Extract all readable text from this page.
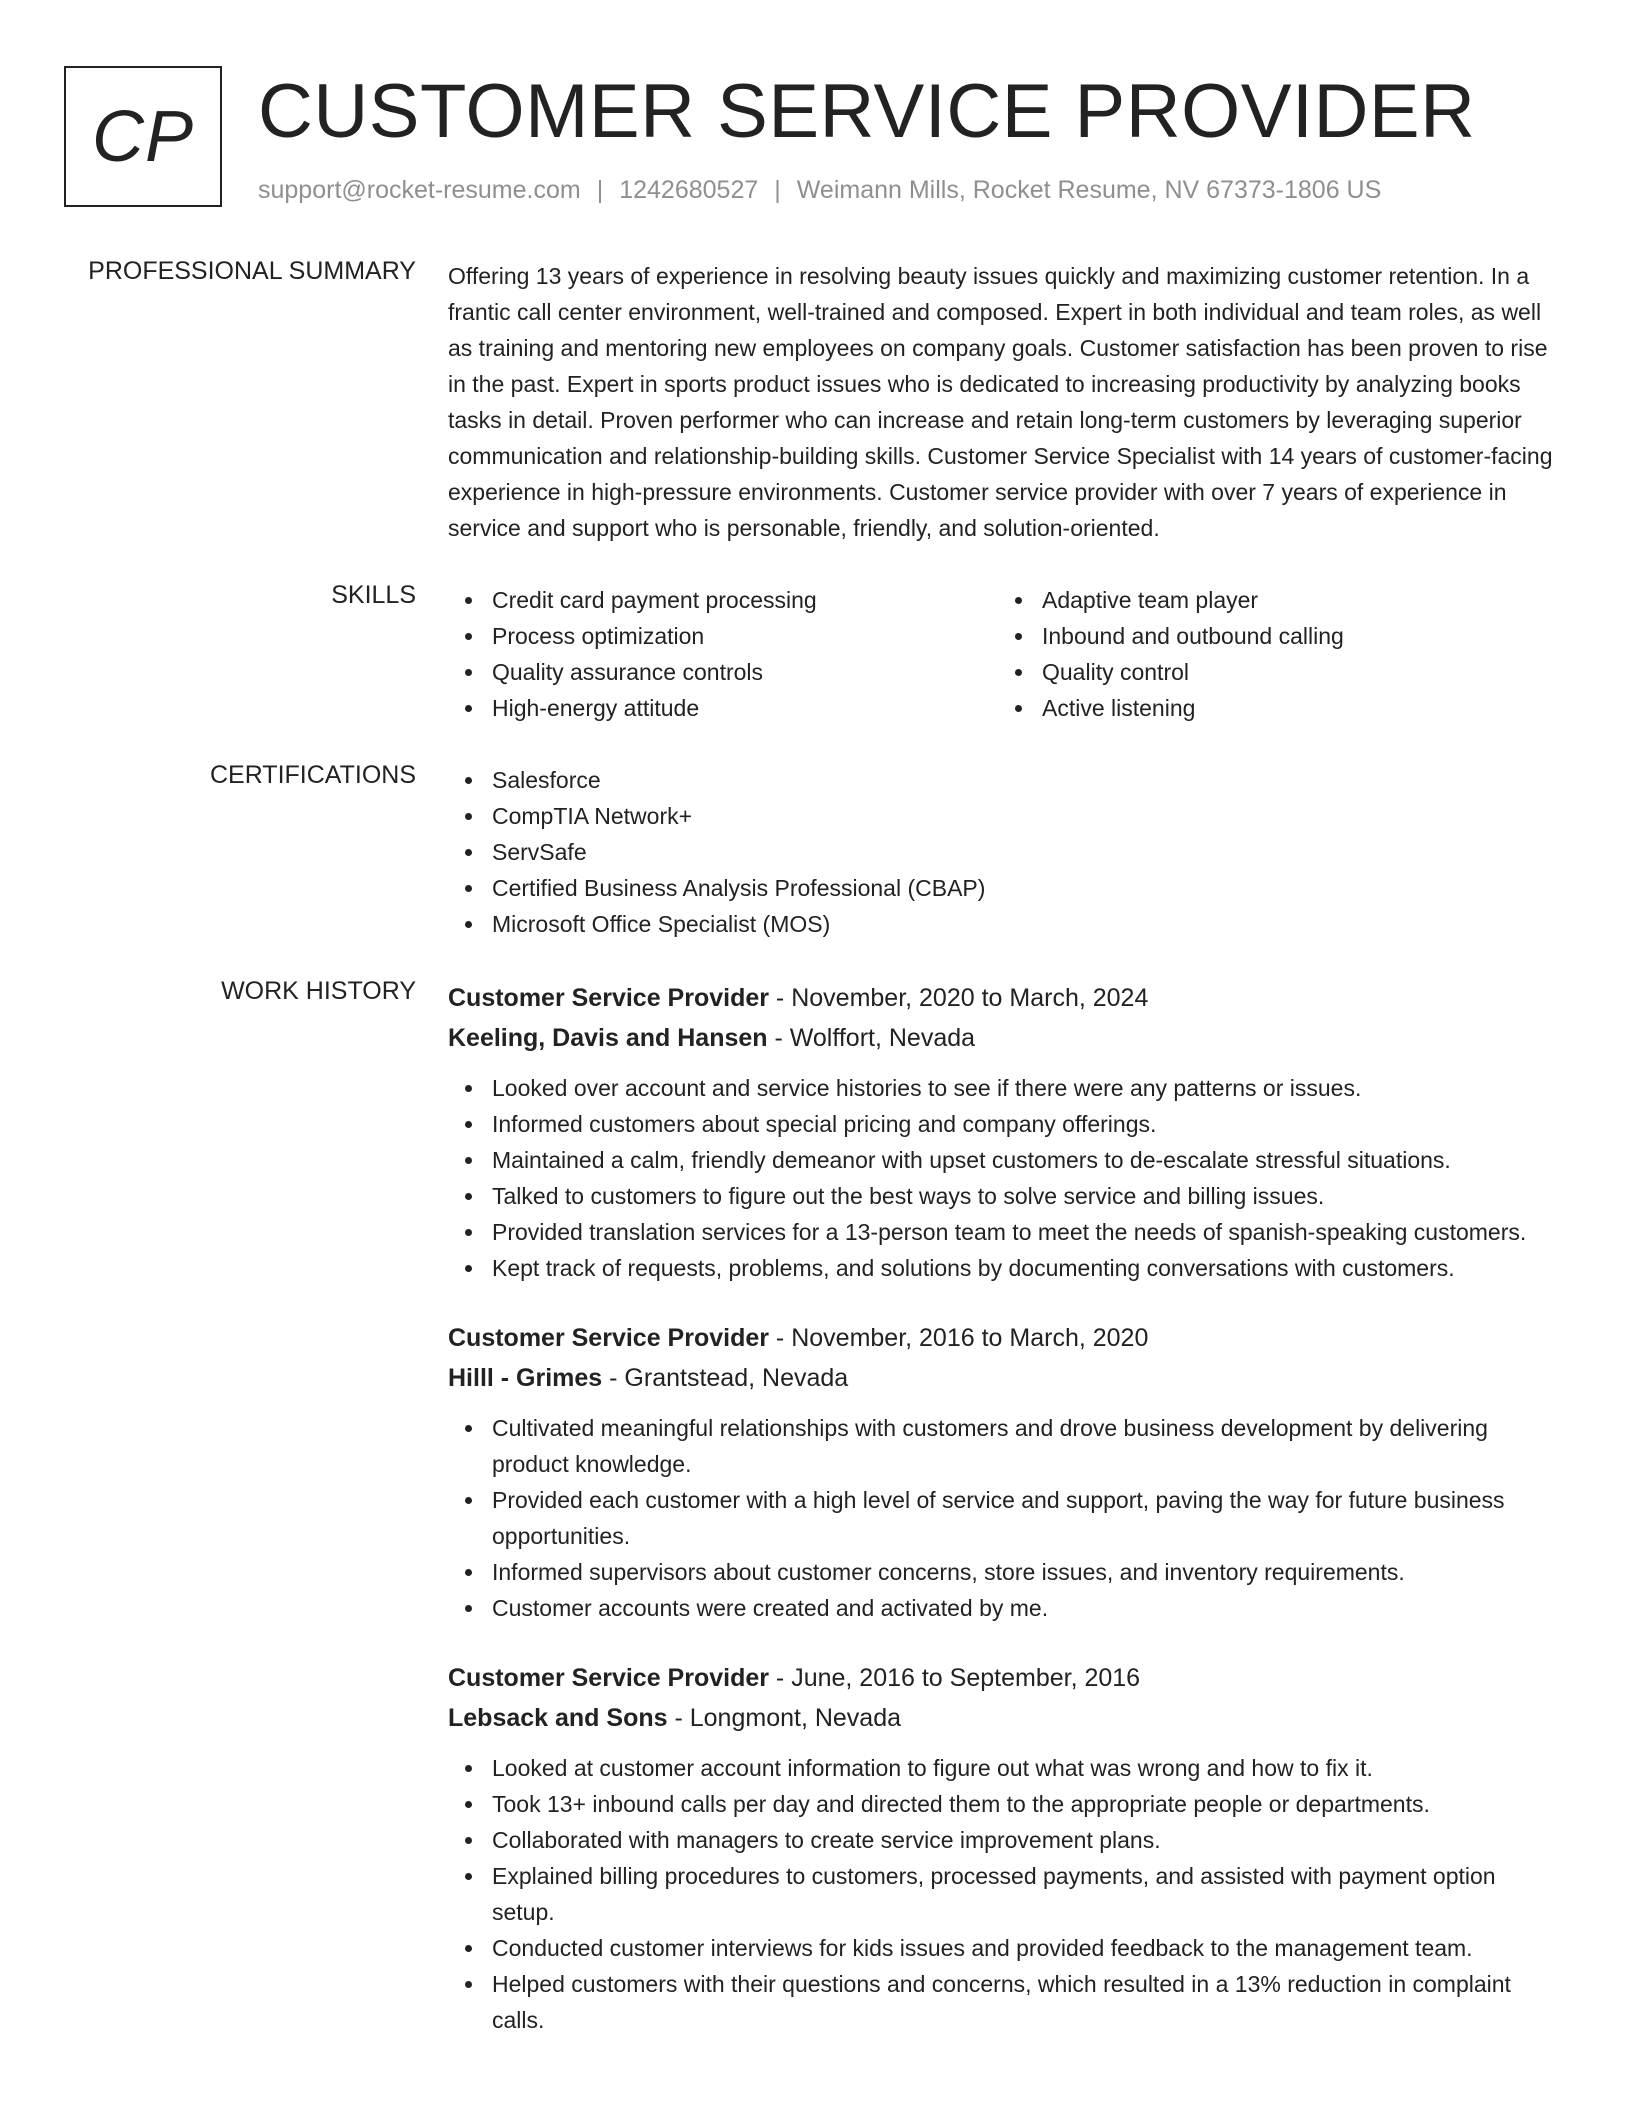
CP CUSTOMER SERVICE PROVIDER
support@rocket-resume.com | 1242680527 | Weimann Mills, Rocket Resume, NV 67373-1806 US
PROFESSIONAL SUMMARY Offering 13 years of experience in resolving beauty issues quickly and maximizing customer retention. In a frantic call center environment, well-trained and composed. Expert in both individual and team roles, as well as training and mentoring new employees on company goals. Customer satisfaction has been proven to rise in the past. Expert in sports product issues who is dedicated to increasing productivity by analyzing books tasks in detail. Proven performer who can increase and retain long-term customers by leveraging superior communication and relationship-building skills. Customer Service Specialist with 14 years of customer-facing experience in high-pressure environments. Customer service provider with over 7 years of experience in service and support who is personable, friendly, and solution-oriented.

SKILLS	Credit card payment processing
Process optimization
Quality assurance controls
High-energy attitude
Adaptive team player
Inbound and outbound calling
Quality control
Active listening
CERTIFICATIONS	Salesforce
CompTIA Network+
ServSafe
Certified Business Analysis Professional (CBAP)
Microsoft Office Specialist (MOS)
WORK HISTORY Customer Service Provider - November, 2020 to March, 2024
Keeling, Davis and Hansen - Wolffort, Nevada
Looked over account and service histories to see if there were any patterns or issues.
Informed customers about special pricing and company offerings.
Maintained a calm, friendly demeanor with upset customers to de-escalate stressful situations.
Talked to customers to figure out the best ways to solve service and billing issues.
Provided translation services for a 13-person team to meet the needs of spanish-speaking customers.
Kept track of requests, problems, and solutions by documenting conversations with customers.
Customer Service Provider - November, 2016 to March, 2020
Hilll - Grimes - Grantstead, Nevada
Cultivated meaningful relationships with customers and drove business development by delivering product knowledge.
Provided each customer with a high level of service and support, paving the way for future business opportunities.
Informed supervisors about customer concerns, store issues, and inventory requirements.
Customer accounts were created and activated by me.
Customer Service Provider - June, 2016 to September, 2016
Lebsack and Sons - Longmont, Nevada
Looked at customer account information to figure out what was wrong and how to fix it.
Took 13+ inbound calls per day and directed them to the appropriate people or departments.
Collaborated with managers to create service improvement plans.
Explained billing procedures to customers, processed payments, and assisted with payment option setup.
Conducted customer interviews for kids issues and provided feedback to the management team.
Helped customers with their questions and concerns, which resulted in a 13% reduction in complaint calls.
